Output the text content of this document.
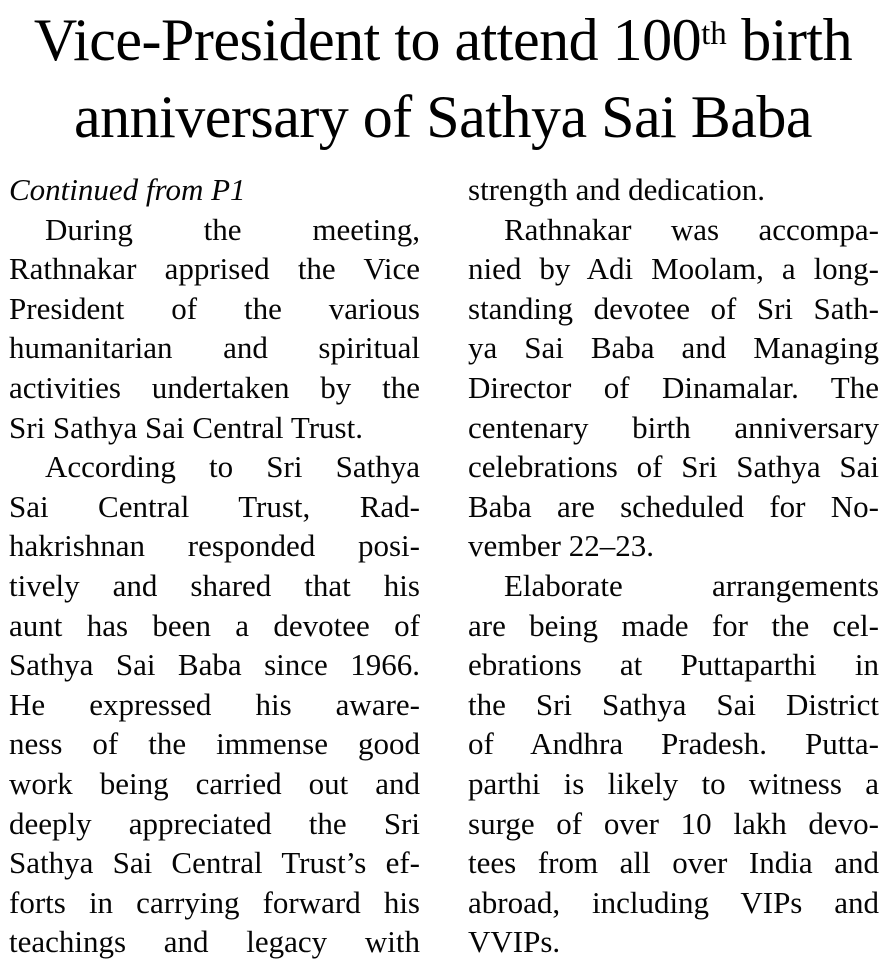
Vice-President to attend 100th birth
anniversary of Sathya Sai Baba
Continued from P1
During the meeting,
Rathnakar apprised the Vice
President of the various
humanitarian and spiritual
activities undertaken by the
Sri Sathya Sai Central Trust.
According to Sri Sathya
Sai Central Trust, Rad-
hakrishnan responded posi-
tively and shared that his
aunt has been a devotee of
Sathya Sai Baba since 1966.
He expressed his aware-
ness of the immense good
work being carried out and
deeply appreciated the Sri
Sathya Sai Central Trust’s ef-
forts in carrying forward his
teachings and legacy with
strength and dedication.
Rathnakar was accompa-
nied by Adi Moolam, a long-
standing devotee of Sri Sath-
ya Sai Baba and Managing
Director of Dinamalar. The
centenary birth anniversary
celebrations of Sri Sathya Sai
Baba are scheduled for No-
vember 22–23.
Elaborate arrangements
are being made for the cel-
ebrations at Puttaparthi in
the Sri Sathya Sai District
of Andhra Pradesh. Putta-
parthi is likely to witness a
surge of over 10 lakh devo-
tees from all over India and
abroad, including VIPs and
VVIPs.
